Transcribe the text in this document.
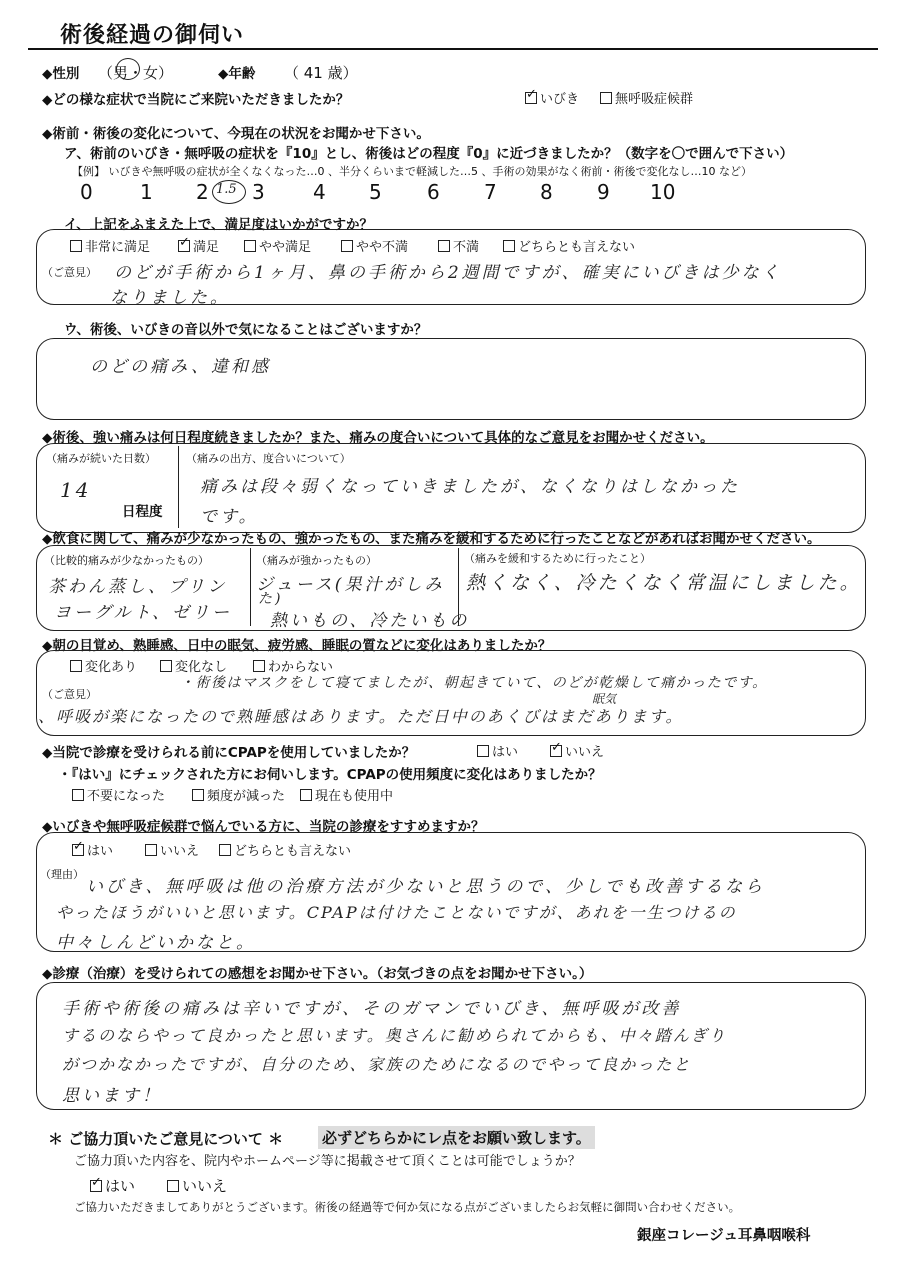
術後経過の御伺い
◆性別 （男・女）	◆年齢 （ 41 歳）
◆どの様な症状で当院にご来院いただきましたか？ ✓	いびき	無呼吸症候群
◆術前・術後の変化について、今現在の状況をお聞かせ下さい。
ア、術前のいびき・無呼吸の症状を『10』とし、術後はどの程度『0』に近づきましたか？（数字を〇で囲んで下さい）
【例】 いびきや無呼吸の症状が全くなくなった…0 、半分くらいまで軽減した…5 、手術の効果がなく術前・術後で変化なし…10 など）
0 1 2 3 4 5 6 7 8 9 10
1.5
イ、上記をふまえた上で、満足度はいかがですか？
非常に満足 ✓	満足	やや満足	やや不満	不満	どちらとも言えない
（ご意見） のどが手術から1ヶ月、鼻の手術から2週間ですが、確実にいびきは少なく
なりました。
ウ、術後、いびきの音以外で気になることはございますか？
のどの痛み、違和感
◆術後、強い痛みは何日程度続きましたか？また、痛みの度合いについて具体的なご意見をお聞かせください。
（痛みが続いた日数）
14
日程度
（痛みの出方、度合いについて）
痛みは段々弱くなっていきましたが、なくなりはしなかった
です。
◆飲食に関して、痛みが少なかったもの、強かったもの、また痛みを緩和するために行ったことなどがあればお聞かせください。
（比較的痛みが少なかったもの）
茶わん蒸し、プリン
ヨーグルト、ゼリー
（痛みが強かったもの）
ジュース(果汁がしみ
た)
熱いもの、冷たいもの
（痛みを緩和するために行ったこと）
熱くなく、冷たくなく常温にしました。
◆朝の目覚め、熟睡感、日中の眠気、疲労感、睡眠の質などに変化はありましたか？
変化あり	変化なし	わからない
（ご意見）
・術後はマスクをして寝てましたが、朝起きていて、のどが乾燥して痛かったです。
、呼吸が楽になったので熟睡感はあります。ただ日中のあくびはまだあります。
眠気
◆当院で診療を受けられる前にCPAPを使用していましたか？	はい ✓	いいえ
・『はい』にチェックされた方にお伺いします。CPAPの使用頻度に変化はありましたか？
不要になった	頻度が減った	現在も使用中
◆いびきや無呼吸症候群で悩んでいる方に、当院の診療をすすめますか？
✓はい	いいえ	どちらとも言えない
（理由）
いびき、無呼吸は他の治療方法が少ないと思うので、少しでも改善するなら
やったほうがいいと思います。CPAPは付けたことないですが、あれを一生つけるの
中々しんどいかなと。
◆診療（治療）を受けられての感想をお聞かせ下さい。（お気づきの点をお聞かせ下さい。）
手術や術後の痛みは辛いですが、そのガマンでいびき、無呼吸が改善
するのならやって良かったと思います。奥さんに勧められてからも、中々踏んぎり
がつかなかったですが、自分のため、家族のためになるのでやって良かったと
思います！
＊ ご協力頂いたご意見について ＊	必ずどちらかにレ点をお願い致します。
ご協力頂いた内容を、院内やホームページ等に掲載させて頂くことは可能でしょうか？
✓はい	いいえ
ご協力いただきましてありがとうございます。術後の経過等で何か気になる点がございましたらお気軽に御問い合わせください。
銀座コレージュ耳鼻咽喉科
